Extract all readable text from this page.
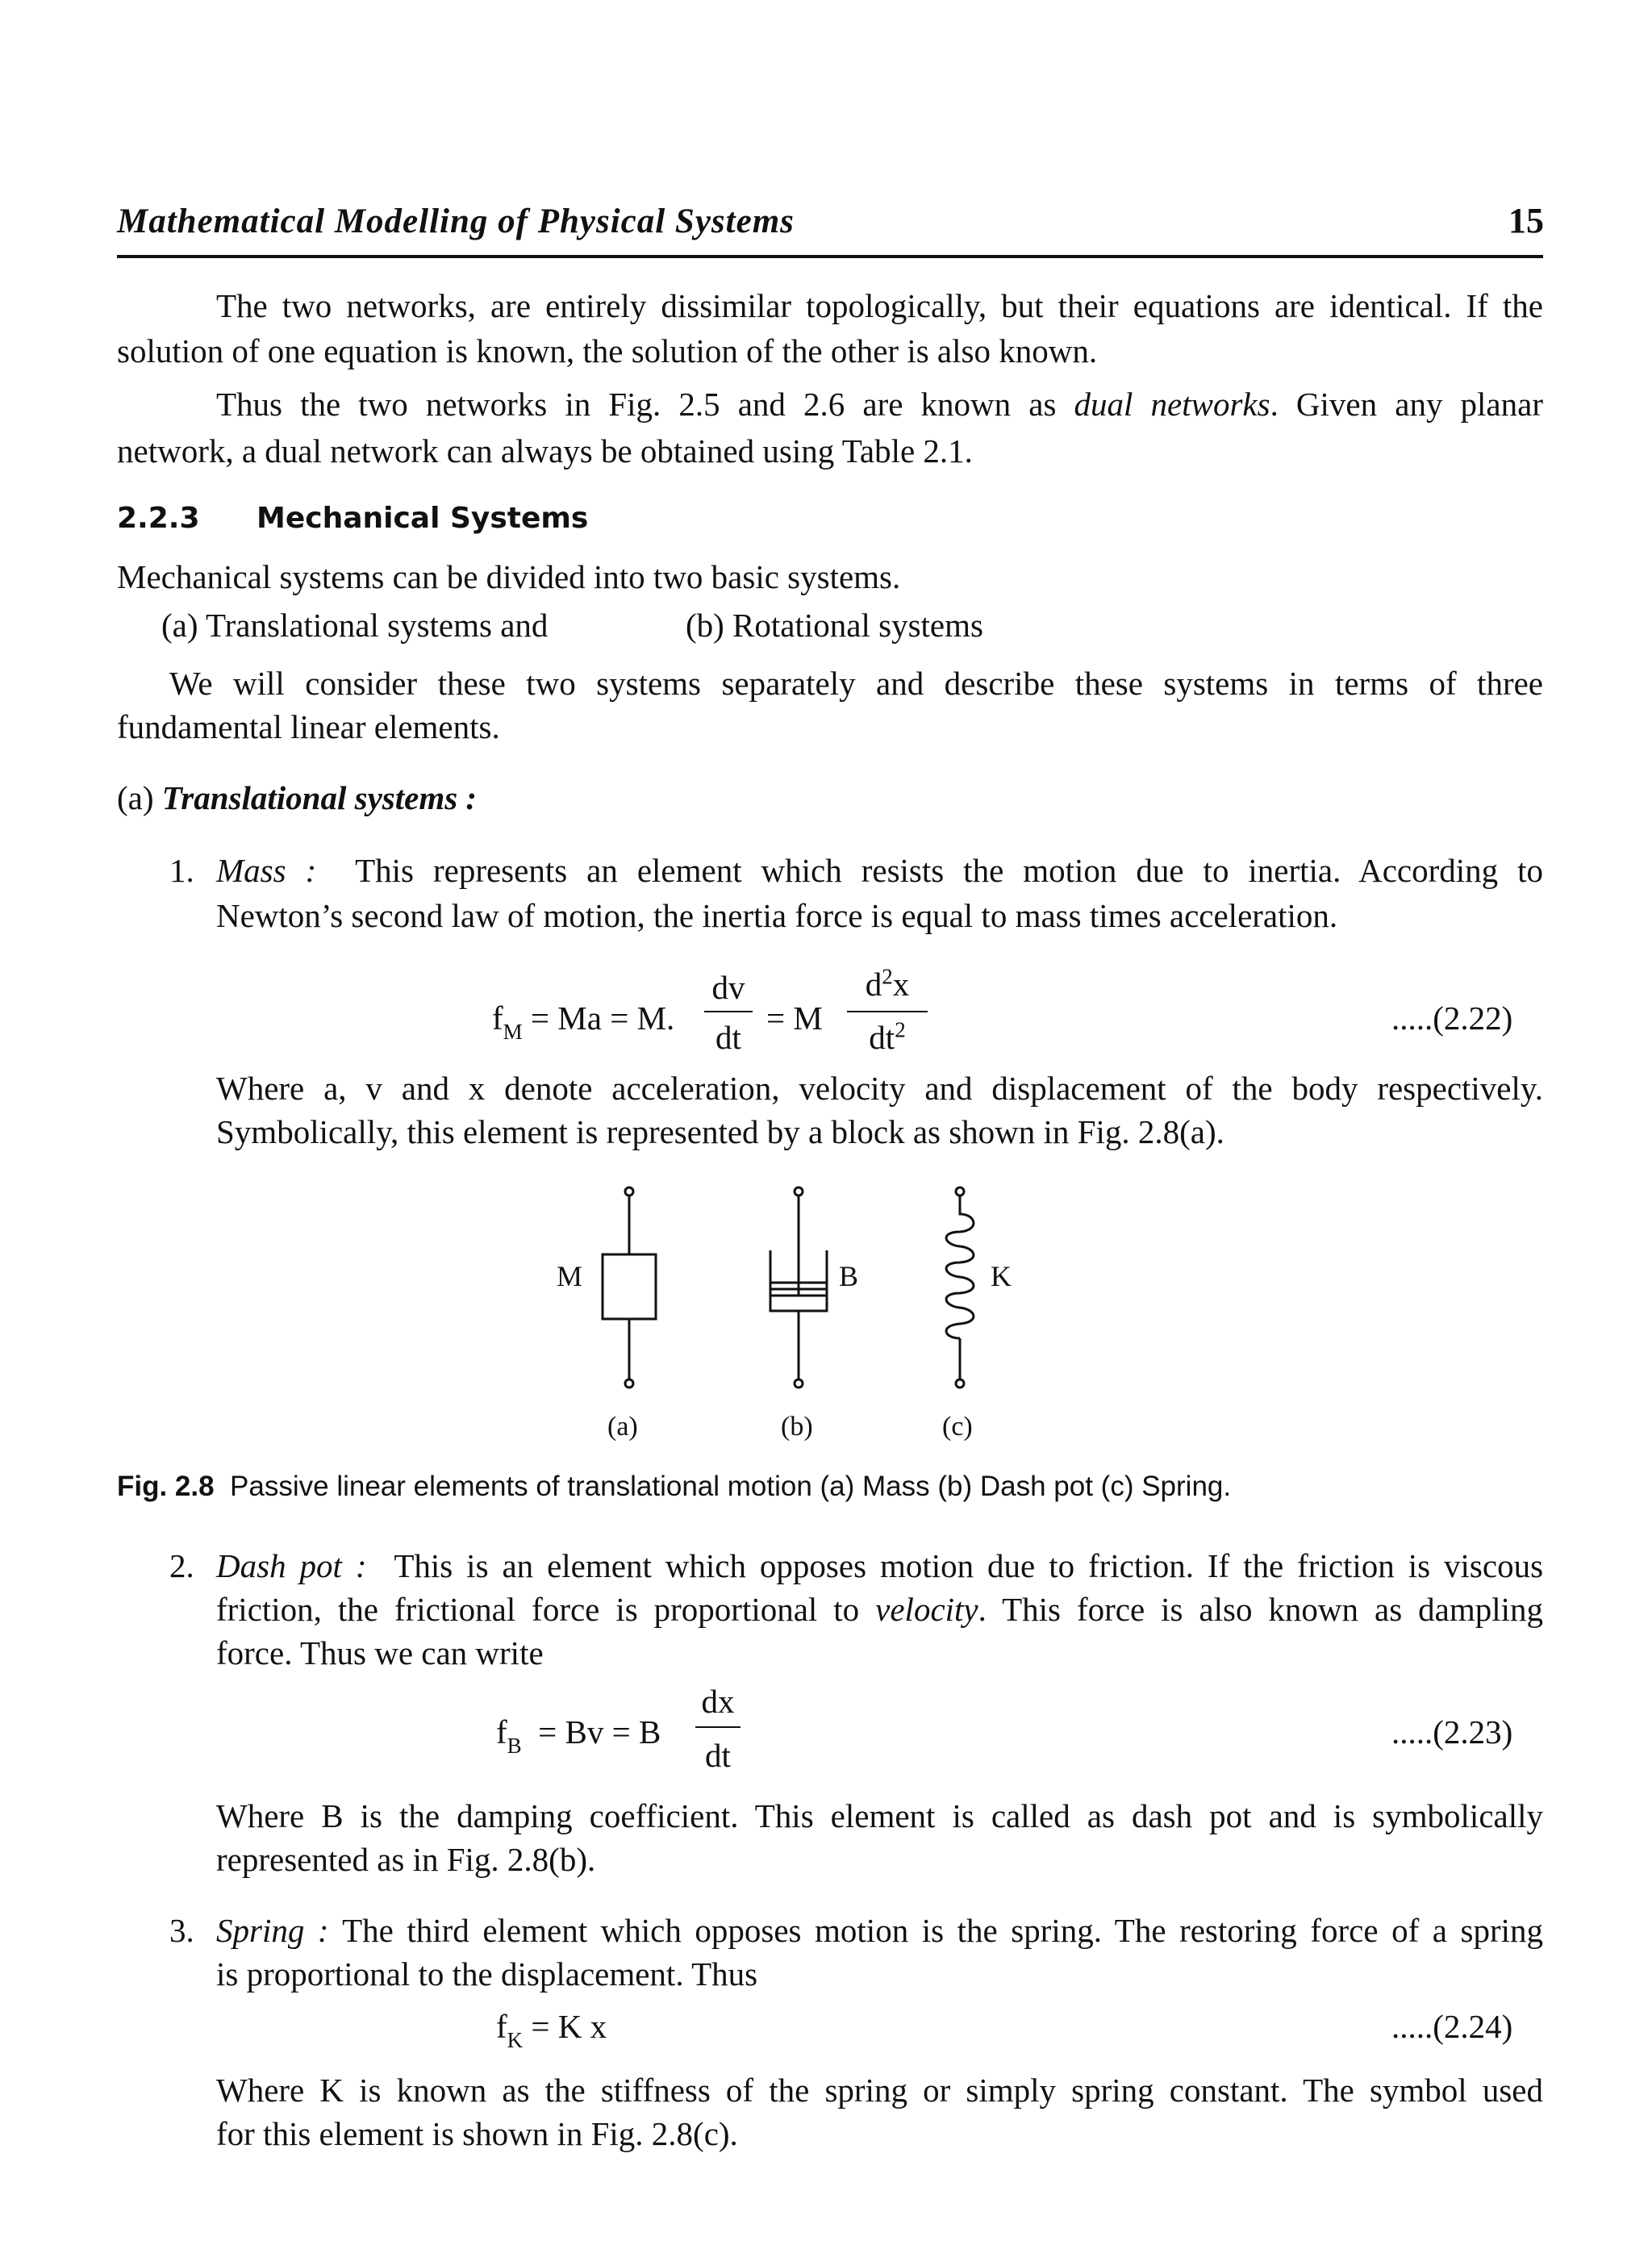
Mathematical Modelling of Physical Systems	15

The two networks, are entirely dissimilar topologically, but their equations are identical. If the

solution of one equation is known, the solution of the other is also known.

Thus the two networks in Fig. 2.5 and 2.6 are known as dual networks. Given any planar

network, a dual network can always be obtained using Table 2.1.

2.2.3 Mechanical Systems

Mechanical systems can be divided into two basic systems.

(a) Translational systems and	(b) Rotational systems

We will consider these two systems separately and describe these systems in terms of three

fundamental linear elements.

(a) Translational systems :
1. Mass : This represents an element which resists the motion due to inertia. According to

Newton’s second law of motion, the inertia force is equal to mass times acceleration.

$f_M = Ma = M$.
dv
dt
= M
$d^2x$
$dt^2$	.....(2.22)

Where a, v and x denote acceleration, velocity and displacement of the body respectively.

Symbolically, this element is represented by a block as shown in Fig. 2.8(a).

M	B	K
(a)	(b)	(c)
Fig. 2.8 Passive linear elements of translational motion (a) Mass (b) Dash pot (c) Spring.
2. Dash pot : This is an element which opposes motion due to friction. If the friction is viscous

friction, the frictional force is proportional to velocity. This force is also known as dampling

force. Thus we can write

$f_B = Bv = B$
dx
dt
.....(2.23)

Where B is the damping coefficient. This element is called as dash pot and is symbolically

represented as in Fig. 2.8(b).

3. Spring : The third element which opposes motion is the spring. The restoring force of a spring

is proportional to the displacement. Thus

$f_K = K$ x	.....(2.24)

Where K is known as the stiffness of the spring or simply spring constant. The symbol used

for this element is shown in Fig. 2.8(c).
